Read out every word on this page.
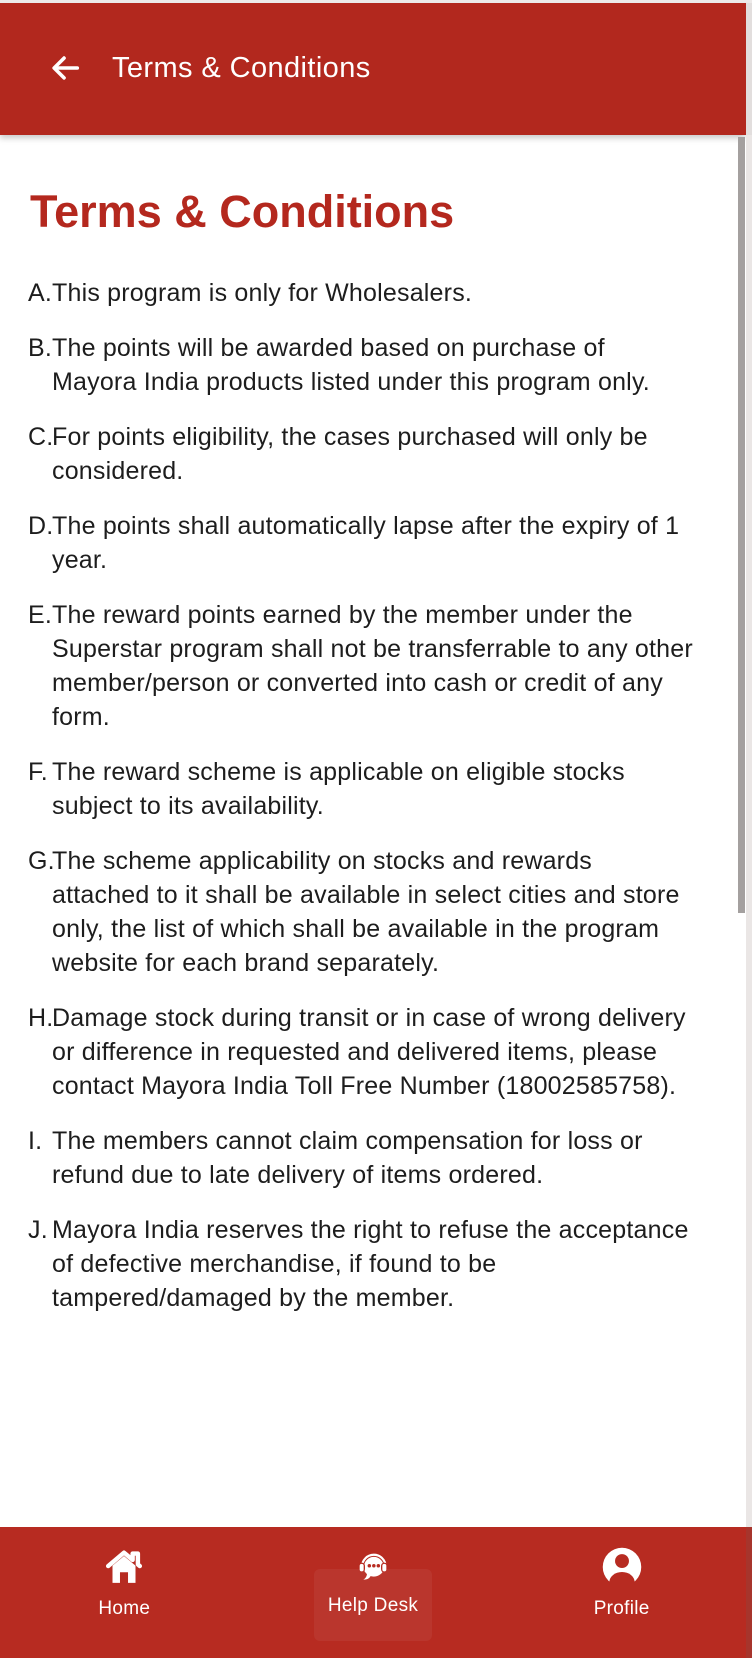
Terms & Conditions
Terms & Conditions
A. This program is only for Wholesalers.
B. The points will be awarded based on purchase of Mayora India products listed under this program only.
C.
For points eligibility, the cases purchased will only be considered.
D.
The points shall automatically lapse after the expiry of 1 year.
E. The reward points earned by the member under the Superstar program shall not be transferrable to any other member/person or converted into cash or credit of any form.
F. The reward scheme is applicable on eligible stocks subject to its availability.
G.
The scheme applicability on stocks and rewards attached to it shall be available in select cities and store only, the list of which shall be available in the program website for each brand separately.
H.
Damage stock during transit or in case of wrong delivery or difference in requested and delivered items, please contact Mayora India Toll Free Number (18002585758).
I. The members cannot claim compensation for loss or refund due to late delivery of items ordered.
J. Mayora India reserves the right to refuse the acceptance of defective merchandise, if found to be tampered/damaged by the member.
Home	Help Desk	Profile
